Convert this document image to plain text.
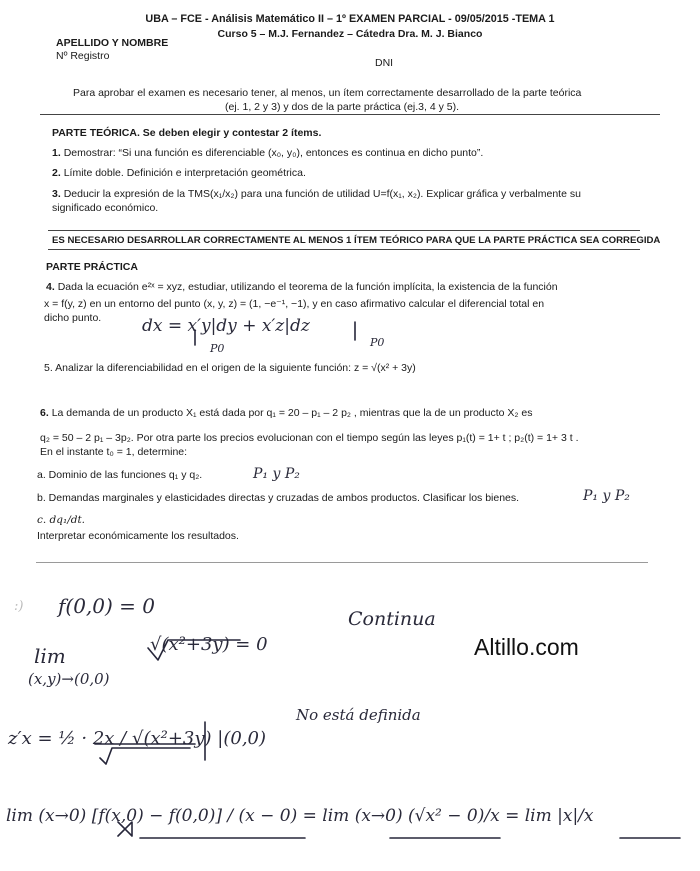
UBA – FCE - Análisis Matemático II – 1º EXAMEN PARCIAL - 09/05/2015 -TEMA 1
Curso 5 – M.J. Fernandez – Cátedra Dra. M. J. Bianco
APELLIDO Y NOMBRE
Nº Registro
DNI
Para aprobar el examen es necesario tener, al menos, un ítem correctamente desarrollado de la parte teórica
(ej. 1, 2 y 3) y dos de la parte práctica (ej.3, 4 y 5).
PARTE TEÓRICA. Se deben elegir y contestar 2 ítems.
1. Demostrar: “Si una función es diferenciable (x₀, y₀), entonces es continua en dicho punto”.
2. Límite doble. Definición e interpretación geométrica.
3. Deducir la expresión de la TMS(x₁/x₂) para una función de utilidad U=f(x₁, x₂). Explicar gráfica y verbalmente su
significado económico.
ES NECESARIO DESARROLLAR CORRECTAMENTE AL MENOS 1 ÍTEM TEÓRICO PARA QUE LA PARTE PRÁCTICA SEA CORREGIDA
PARTE PRÁCTICA
4. Dada la ecuación e²ˣ = xyz, estudiar, utilizando el teorema de la función implícita, la existencia de la función
x = f(y, z) en un entorno del punto (x, y, z) = (1, −e⁻¹, −1), y en caso afirmativo calcular el diferencial total en
dicho punto. dx = x′y|dy + x′z|dz
P0	P0
5. Analizar la diferenciabilidad en el origen de la siguiente función: z = √(x² + 3y)
6. La demanda de un producto X₁ está dada por q₁ = 20 – p₁ – 2 p₂ , mientras que la de un producto X₂ es
q₂ = 50 – 2 p₁ – 3p₂. Por otra parte los precios evolucionan con el tiempo según las leyes p₁(t) = 1+ t ; p₂(t) = 1+ 3 t .
En el instante t₀ = 1, determine:
a. Dominio de las funciones q₁ y q₂.	P₁ y P₂
b. Demandas marginales y elasticidades directas y cruzadas de ambos productos. Clasificar los bienes.	P₁ y P₂
c. dq₁/dt.
Interpretar económicamente los resultados.
:) f(0,0) = 0
Continua
Altillo.com
lim	√(x²+3y) = 0
(x,y)→(0,0)
z′x = ½ · 2x / √(x²+3y) |(0,0)
No está definida
lim (x→0) [f(x,0) − f(0,0)] / (x − 0) = lim (x→0) (√x² − 0)/x = lim |x|/x
